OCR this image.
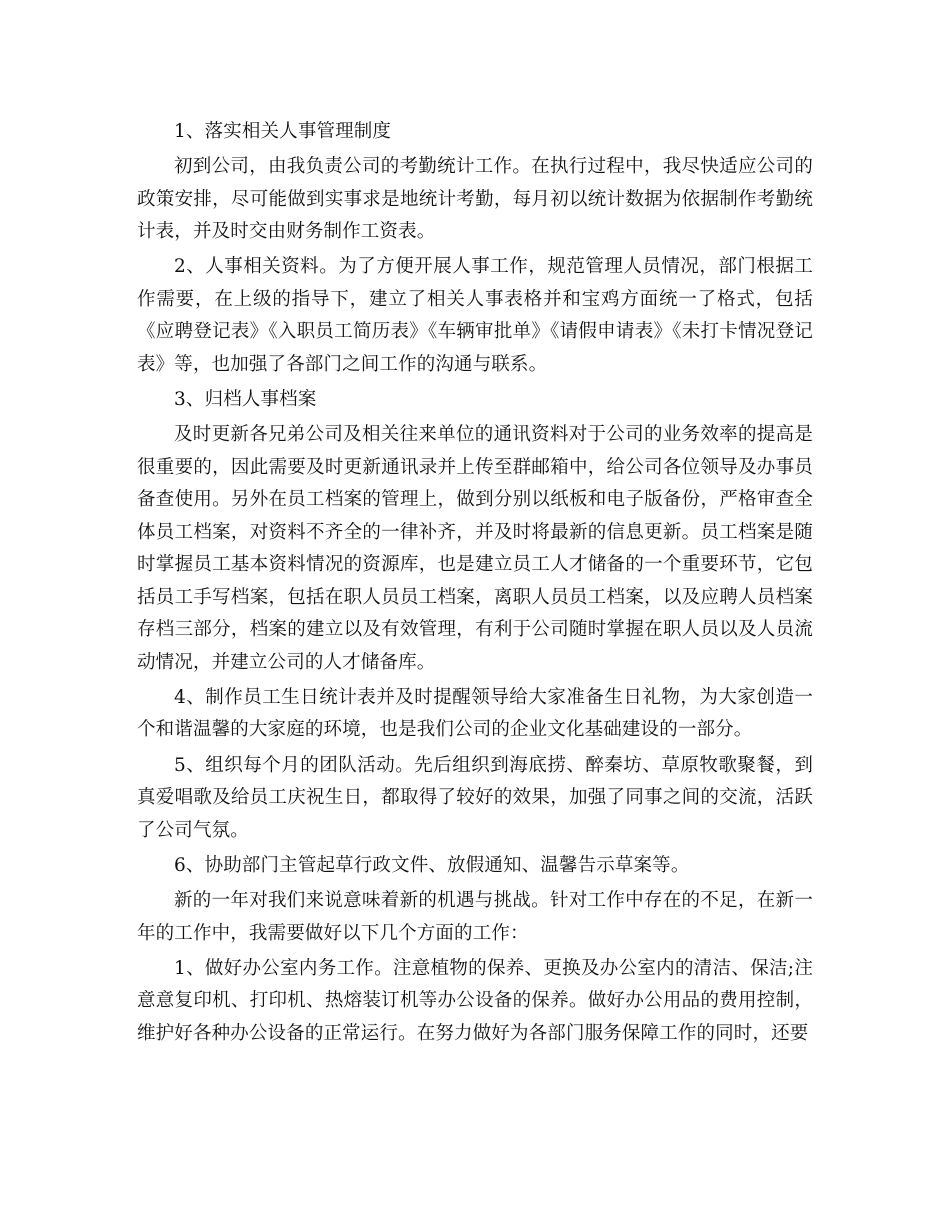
1、落实相关人事管理制度

初到公司，由我负责公司的考勤统计工作。在执行过程中，我尽快适应公司的政策安排，尽可能做到实事求是地统计考勤，每月初以统计数据为依据制作考勤统计表，并及时交由财务制作工资表。

2、人事相关资料。为了方便开展人事工作，规范管理人员情况，部门根据工作需要，在上级的指导下，建立了相关人事表格并和宝鸡方面统一了格式，包括《应聘登记表》《入职员工简历表》《车辆审批单》《请假申请表》《未打卡情况登记表》等，也加强了各部门之间工作的沟通与联系。

3、归档人事档案

及时更新各兄弟公司及相关往来单位的通讯资料对于公司的业务效率的提高是很重要的，因此需要及时更新通讯录并上传至群邮箱中，给公司各位领导及办事员备查使用。另外在员工档案的管理上，做到分别以纸板和电子版备份，严格审查全体员工档案，对资料不齐全的一律补齐，并及时将最新的信息更新。员工档案是随时掌握员工基本资料情况的资源库，也是建立员工人才储备的一个重要环节，它包括员工手写档案，包括在职人员员工档案，离职人员员工档案，以及应聘人员档案存档三部分，档案的建立以及有效管理，有利于公司随时掌握在职人员以及人员流动情况，并建立公司的人才储备库。

4、制作员工生日统计表并及时提醒领导给大家准备生日礼物，为大家创造一个和谐温馨的大家庭的环境，也是我们公司的企业文化基础建设的一部分。

5、组织每个月的团队活动。先后组织到海底捞、醉秦坊、草原牧歌聚餐，到真爱唱歌及给员工庆祝生日，都取得了较好的效果，加强了同事之间的交流，活跃了公司气氛。

6、协助部门主管起草行政文件、放假通知、温馨告示草案等。

新的一年对我们来说意味着新的机遇与挑战。针对工作中存在的不足，在新一年的工作中，我需要做好以下几个方面的工作：

1、做好办公室内务工作。注意植物的保养、更换及办公室内的清洁、保洁;注意意复印机、打印机、热熔装订机等办公设备的保养。做好办公用品的费用控制，维护好各种办公设备的正常运行。在努力做好为各部门服务保障工作的同时，还要
